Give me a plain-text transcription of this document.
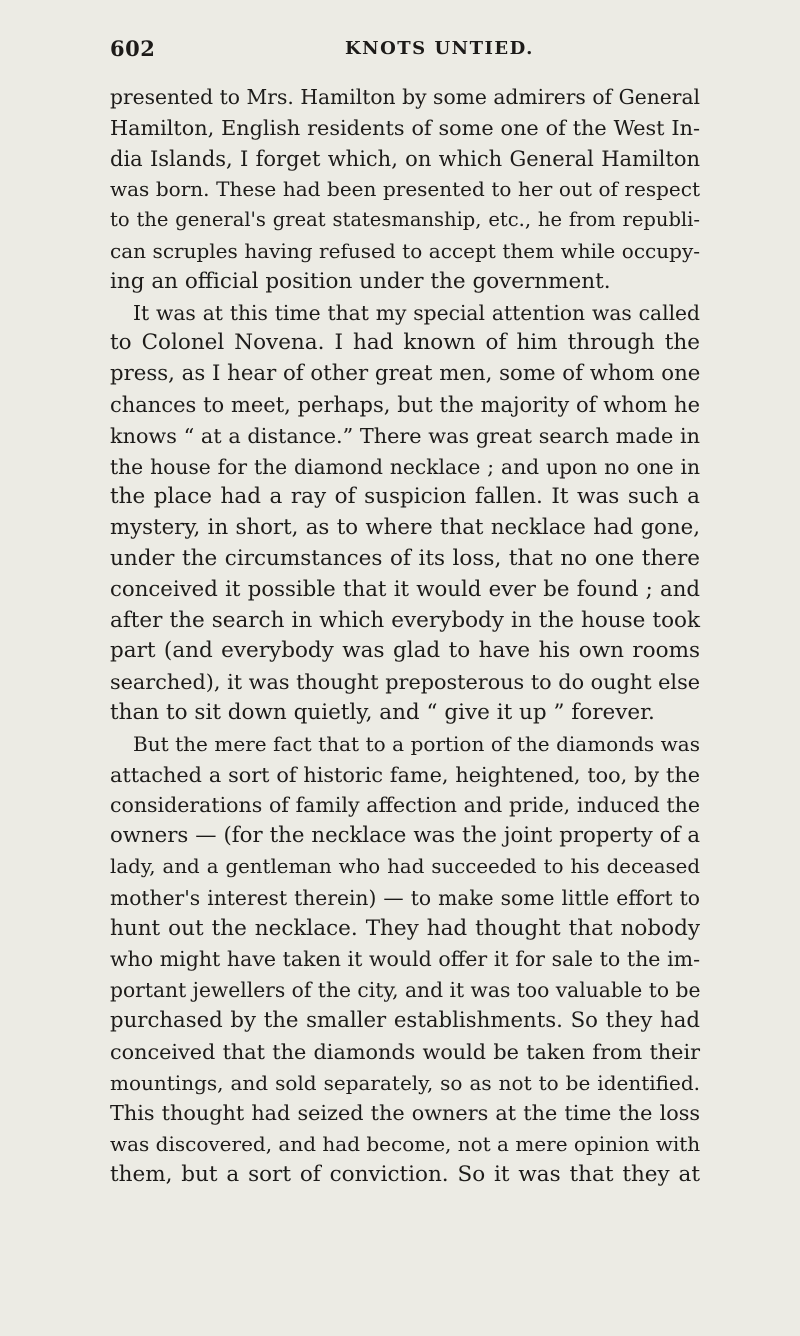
602	KNOTS UNTIED.
presented to Mrs. Hamilton by some admirers of General
Hamilton, English residents of some one of the West In-
dia Islands, I forget which, on which General Hamilton
was born. These had been presented to her out of respect
to the general's great statesmanship, etc., he from republi-
can scruples having refused to accept them while occupy-
ing an official position under the government.
It was at this time that my special attention was called
to Colonel Novena. I had known of him through the
press, as I hear of other great men, some of whom one
chances to meet, perhaps, but the majority of whom he
knows “ at a distance.” There was great search made in
the house for the diamond necklace ; and upon no one in
the place had a ray of suspicion fallen. It was such a
mystery, in short, as to where that necklace had gone,
under the circumstances of its loss, that no one there
conceived it possible that it would ever be found ; and
after the search in which everybody in the house took
part (and everybody was glad to have his own rooms
searched), it was thought preposterous to do ought else
than to sit down quietly, and “ give it up ” forever.
But the mere fact that to a portion of the diamonds was
attached a sort of historic fame, heightened, too, by the
considerations of family affection and pride, induced the
owners — (for the necklace was the joint property of a
lady, and a gentleman who had succeeded to his deceased
mother's interest therein) — to make some little effort to
hunt out the necklace. They had thought that nobody
who might have taken it would offer it for sale to the im-
portant jewellers of the city, and it was too valuable to be
purchased by the smaller establishments. So they had
conceived that the diamonds would be taken from their
mountings, and sold separately, so as not to be identified.
This thought had seized the owners at the time the loss
was discovered, and had become, not a mere opinion with
them, but a sort of conviction. So it was that they at
